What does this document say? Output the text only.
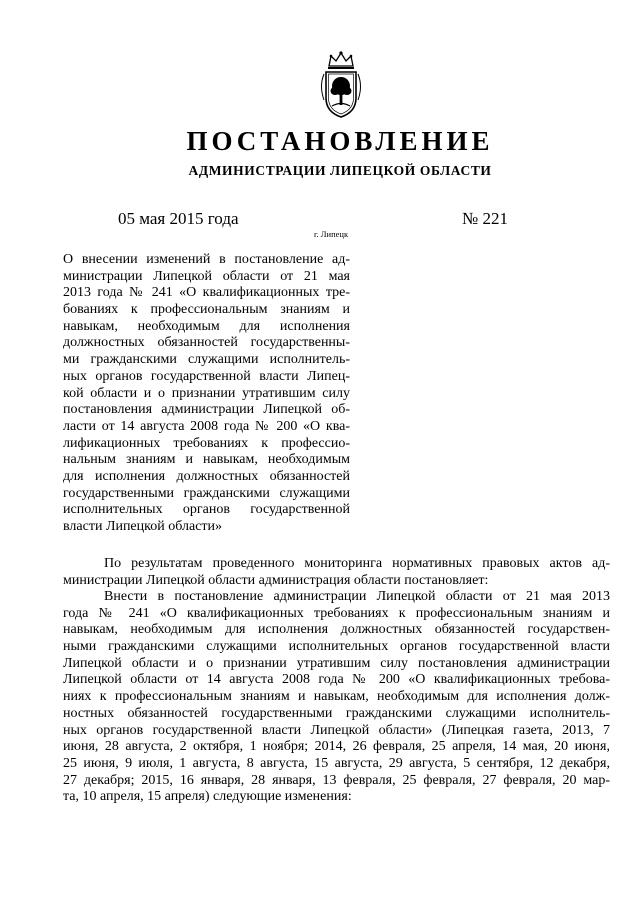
ПОСТАНОВЛЕНИЕ
АДМИНИСТРАЦИИ ЛИПЕЦКОЙ ОБЛАСТИ
05 мая 2015 года
г. Липецк
№ 221
О внесении изменений в постановление ад-
министрации Липецкой области от 21 мая
2013 года № 241 «О квалификационных тре-
бованиях к профессиональным знаниям и
навыкам, необходимым для исполнения
должностных обязанностей государственны-
ми гражданскими служащими исполнитель-
ных органов государственной власти Липец-
кой области и о признании утратившим силу
постановления администрации Липецкой об-
ласти от 14 августа 2008 года № 200 «О ква-
лификационных требованиях к профессио-
нальным знаниям и навыкам, необходимым
для исполнения должностных обязанностей
государственными гражданскими служащими
исполнительных органов государственной
власти Липецкой области»
По результатам проведенного мониторинга нормативных правовых актов ад-
министрации Липецкой области администрация области постановляет:
Внести в постановление администрации Липецкой области от 21 мая 2013
года № 241 «О квалификационных требованиях к профессиональным знаниям и
навыкам, необходимым для исполнения должностных обязанностей государствен-
ными гражданскими служащими исполнительных органов государственной власти
Липецкой области и о признании утратившим силу постановления администрации
Липецкой области от 14 августа 2008 года № 200 «О квалификационных требова-
ниях к профессиональным знаниям и навыкам, необходимым для исполнения долж-
ностных обязанностей государственными гражданскими служащими исполнитель-
ных органов государственной власти Липецкой области» (Липецкая газета, 2013, 7
июня, 28 августа, 2 октября, 1 ноября; 2014, 26 февраля, 25 апреля, 14 мая, 20 июня,
25 июня, 9 июля, 1 августа, 8 августа, 15 августа, 29 августа, 5 сентября, 12 декабря,
27 декабря; 2015, 16 января, 28 января, 13 февраля, 25 февраля, 27 февраля, 20 мар-
та, 10 апреля, 15 апреля) следующие изменения:
